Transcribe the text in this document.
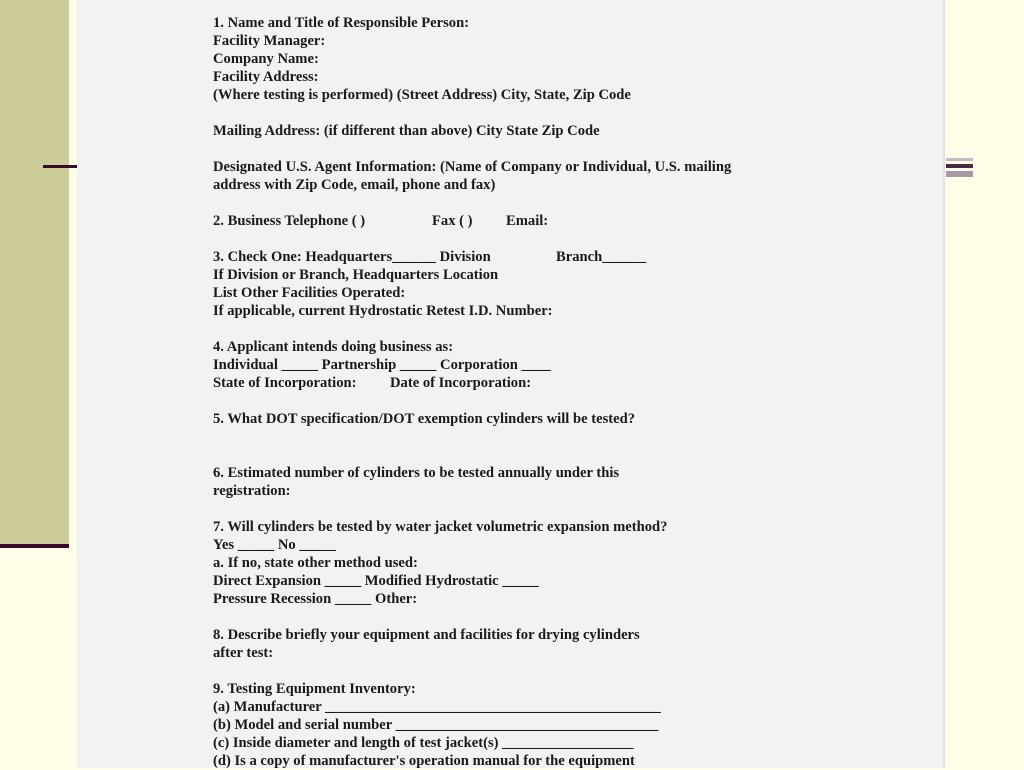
1. Name and Title of Responsible Person:
Facility Manager:
Company Name:
Facility Address:
(Where testing is performed) (Street Address) City, State, Zip Code
Mailing Address: (if different than above) City State Zip Code
Designated U.S. Agent Information: (Name of Company or Individual, U.S. mailing
address with Zip Code, email, phone and fax)
2. Business Telephone ( )	Fax ( ) Email:
3. Check One: Headquarters______ Division	Branch______
If Division or Branch, Headquarters Location
List Other Facilities Operated:
If applicable, current Hydrostatic Retest I.D. Number:
4. Applicant intends doing business as:
Individual _____ Partnership _____ Corporation ____
State of Incorporation: Date of Incorporation:
5. What DOT specification/DOT exemption cylinders will be tested?
6. Estimated number of cylinders to be tested annually under this
registration:
7. Will cylinders be tested by water jacket volumetric expansion method?
Yes _____ No _____
a. If no, state other method used:
Direct Expansion _____ Modified Hydrostatic _____
Pressure Recession _____ Other:
8. Describe briefly your equipment and facilities for drying cylinders
after test:
9. Testing Equipment Inventory:
(a) Manufacturer ______________________________________________
(b) Model and serial number ____________________________________
(c) Inside diameter and length of test jacket(s) __________________
(d) Is a copy of manufacturer's operation manual for the equipment
